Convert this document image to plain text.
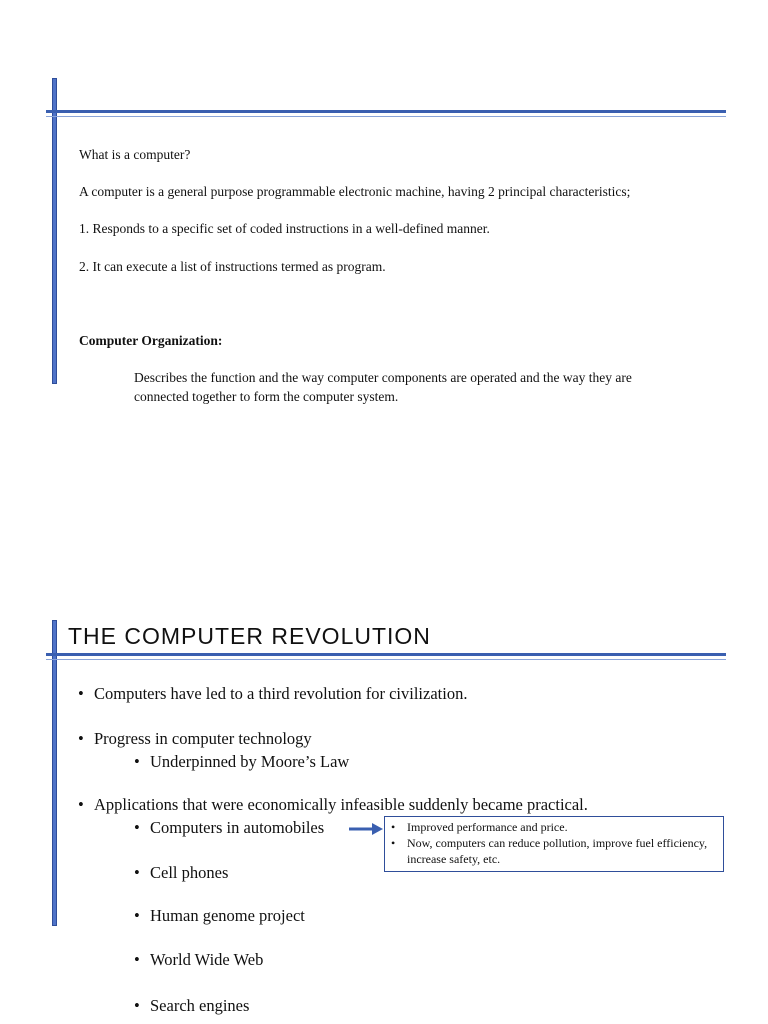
What is a computer?
A computer is a general purpose programmable electronic machine, having 2 principal characteristics;
1. Responds to a specific set of coded instructions in a well-defined manner.
2. It can execute a list of instructions termed as program.
Computer Organization:
Describes the function and the way computer components are operated and the way they are
connected together to form the computer system.
THE COMPUTER REVOLUTION
• Computers have led to a third revolution for civilization.
• Progress in computer technology
• Underpinned by Moore’s Law
• Applications that were economically infeasible suddenly became practical.
• Computers in automobiles
• Cell phones
• Human genome project
• World Wide Web
• Search engines
• Improved performance and price.
• Now, computers can reduce pollution, improve fuel efficiency, increase safety, etc.
